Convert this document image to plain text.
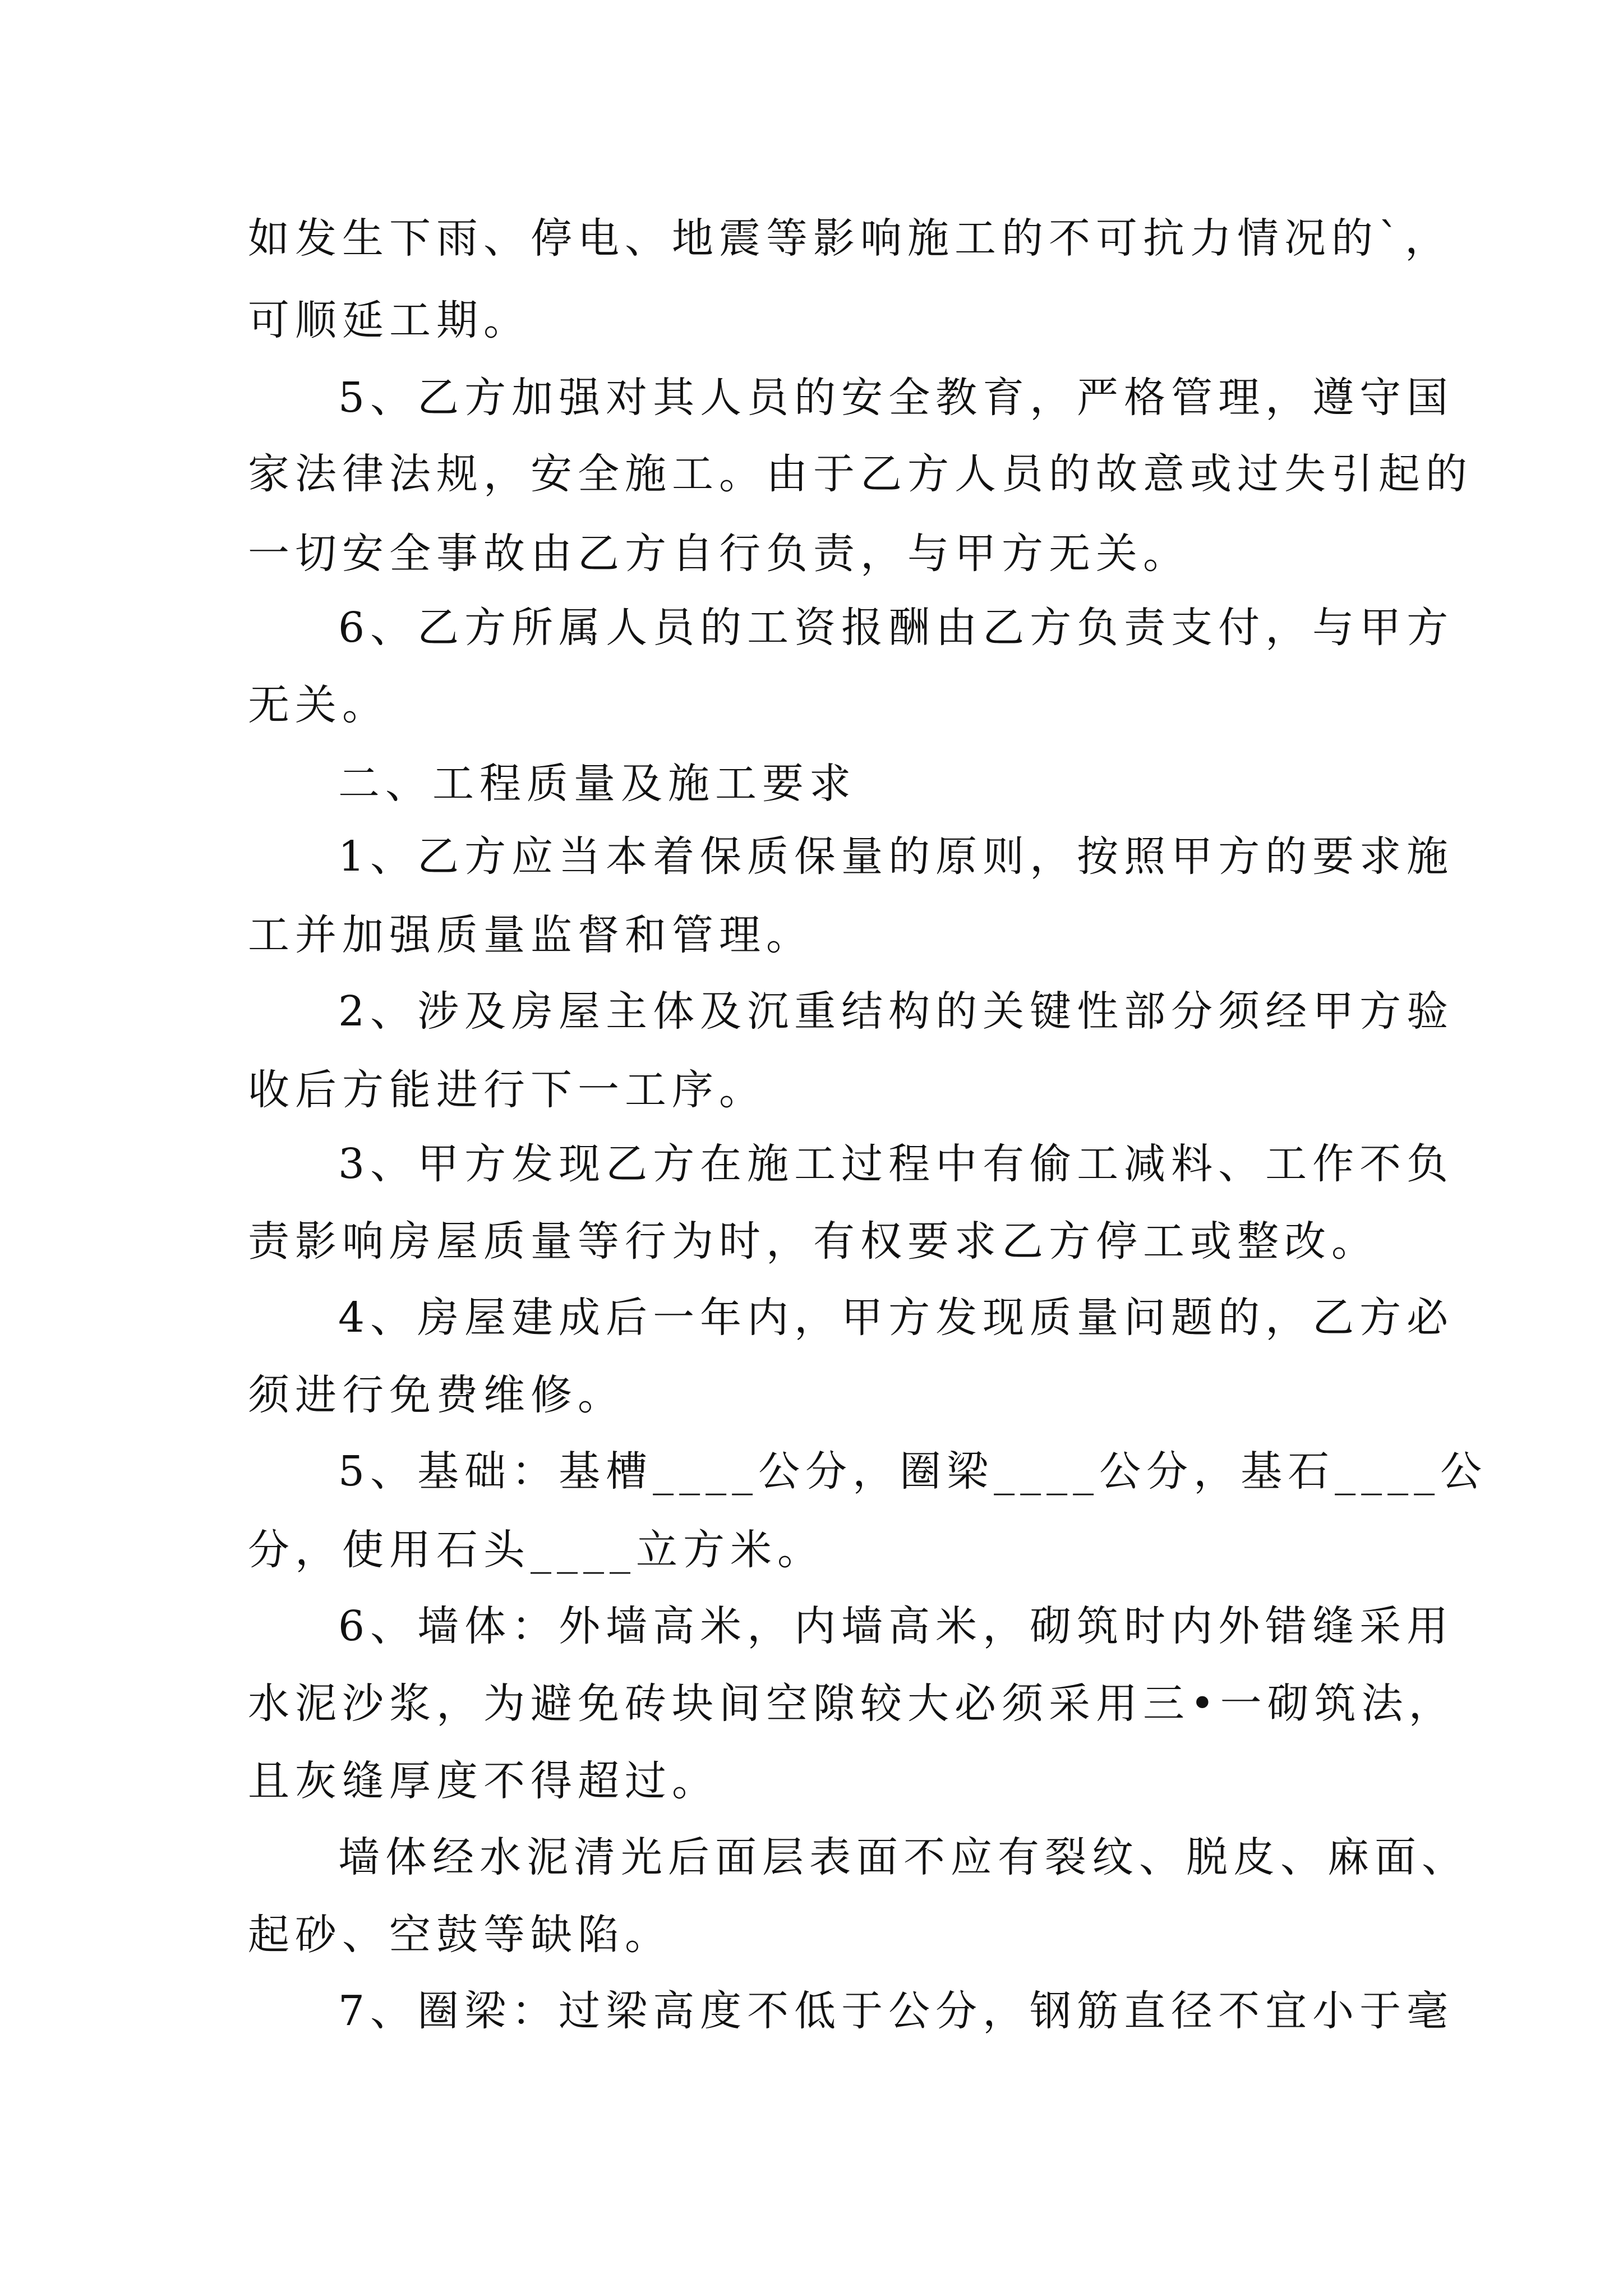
如发生下雨、停电、地震等影响施工的不可抗力情况的`，
可顺延工期。
5、乙方加强对其人员的安全教育，严格管理，遵守国
家法律法规，安全施工。由于乙方人员的故意或过失引起的
一切安全事故由乙方自行负责，与甲方无关。
6、乙方所属人员的工资报酬由乙方负责支付，与甲方
无关。
二、工程质量及施工要求
1、乙方应当本着保质保量的原则，按照甲方的要求施
工并加强质量监督和管理。
2、涉及房屋主体及沉重结构的关键性部分须经甲方验
收后方能进行下一工序。
3、甲方发现乙方在施工过程中有偷工减料、工作不负
责影响房屋质量等行为时，有权要求乙方停工或整改。
4、房屋建成后一年内，甲方发现质量问题的，乙方必
须进行免费维修。
5、基础：基槽____公分，圈梁____公分，基石____公
分，使用石头____立方米。
6、墙体：外墙高米，内墙高米，砌筑时内外错缝采用
水泥沙浆，为避免砖块间空隙较大必须采用三•一砌筑法，
且灰缝厚度不得超过。
墙体经水泥清光后面层表面不应有裂纹、脱皮、麻面、
起砂、空鼓等缺陷。
7、圈梁：过梁高度不低于公分，钢筋直径不宜小于毫
